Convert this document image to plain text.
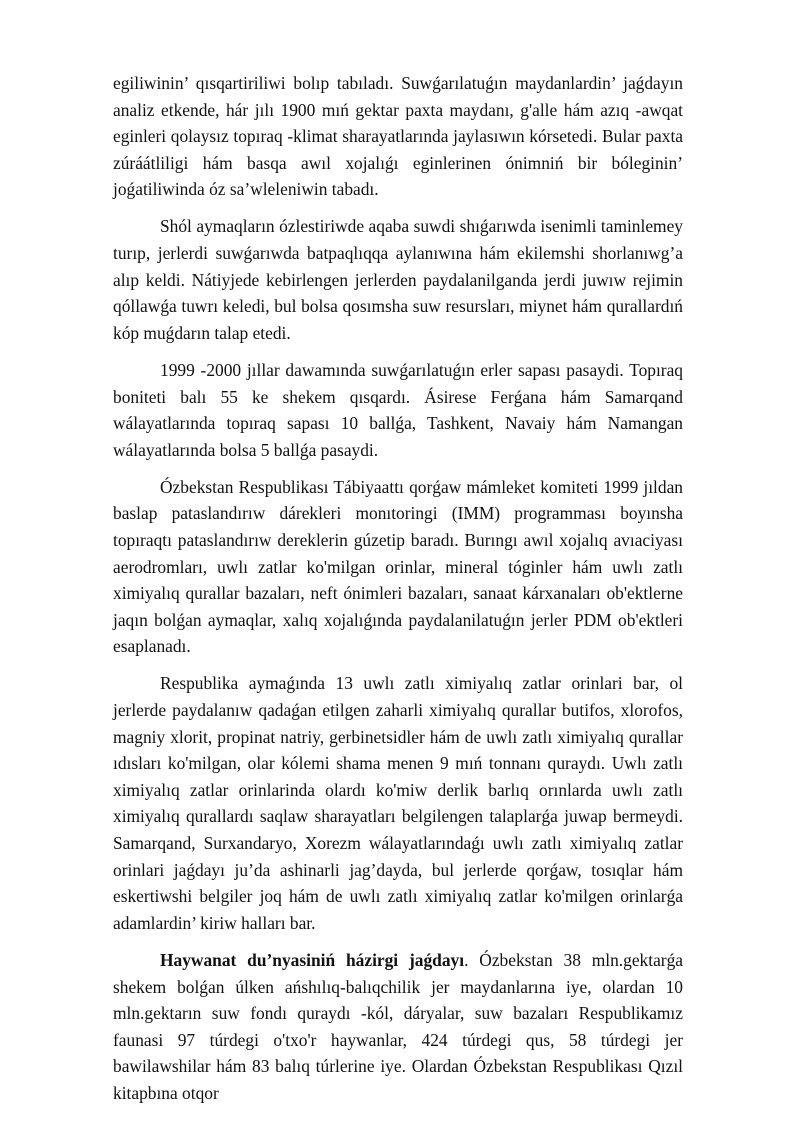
egiliwinin’ qısqartiriliwi bolıp tabıladı. Suwǵarılatuǵın maydanlardin’ jaǵdayın analiz etkende, hár jılı 1900 mıń gektar paxta maydanı, g'alle hám azıq -awqat eginleri qolaysız topıraq -klimat sharayatlarında jaylasıwın kórsetedi. Bular paxta zúráátliligi hám basqa awıl xojalıǵı eginlerinen ónimniń bir bóleginin’ joǵatiliwinda óz sa’wleleniwin tabadı.

Shól aymaqların ózlestiriwde aqaba suwdi shıǵarıwda isenimli taminlemey turıp, jerlerdi suwǵarıwda batpaqlıqqa aylanıwına hám ekilemshi shorlanıwg’a alıp keldi. Nátiyjede kebirlengen jerlerden paydalanilganda jerdi juwıw rejimin qóllawǵa tuwrı keledi, bul bolsa qosımsha suw resursları, miynet hám qurallardıń kóp muǵdarın talap etedi.

1999 -2000 jıllar dawamında suwǵarılatuǵın erler sapası pasaydi. Topıraq boniteti balı 55 ke shekem qısqardı. Ásirese Ferǵana hám Samarqand wálayatlarında topıraq sapası 10 ballǵa, Tashkent, Navaiy hám Namangan wálayatlarında bolsa 5 ballǵa pasaydi.

Ózbekstan Respublikası Tábiyaattı qorǵaw mámleket komiteti 1999 jıldan baslap pataslandırıw dárekleri monıtoringi (IMM) programması boyınsha topıraqtı pataslandırıw dereklerin gúzetip baradı. Burıngı awıl xojalıq avıaciyası aerodromları, uwlı zatlar ko'milgan orinlar, mineral tóginler hám uwlı zatlı ximiyalıq qurallar bazaları, neft ónimleri bazaları, sanaat kárxanaları ob'ektlerne jaqın bolǵan aymaqlar, xalıq xojalıǵında paydalanilatuǵın jerler PDM ob'ektleri esaplanadı.

Respublika aymaǵında 13 uwlı zatlı ximiyalıq zatlar orinlari bar, ol jerlerde paydalanıw qadaǵan etilgen zaharli ximiyalıq qurallar butifos, xlorofos, magniy xlorit, propinat natriy, gerbinetsidler hám de uwlı zatlı ximiyalıq qurallar ıdısları ko'milgan, olar kólemi shama menen 9 mıń tonnanı quraydı. Uwlı zatlı ximiyalıq zatlar orinlarinda olardı ko'miw derlik barlıq orınlarda uwlı zatlı ximiyalıq qurallardı saqlaw sharayatları belgilengen talaplarǵa juwap bermeydi. Samarqand, Surxandaryo, Xorezm wálayatlarındaǵı uwlı zatlı ximiyalıq zatlar orinlari jaǵdayı ju’da ashinarli jag’dayda, bul jerlerde qorǵaw, tosıqlar hám eskertiwshi belgiler joq hám de uwlı zatlı ximiyalıq zatlar ko'milgen orinlarǵa adamlardin’ kiriw halları bar.

Haywanat du’nyasiniń házirgi jaǵdayı. Ózbekstan 38 mln.gektarǵa shekem bolǵan úlken ańshılıq-balıqchilik jer maydanlarına iye, olardan 10 mln.gektarın suw fondı quraydı -kól, dáryalar, suw bazaları Respublikamız faunasi 97 túrdegi o'txo'r haywanlar, 424 túrdegi qus, 58 túrdegi jer bawilawshilar hám 83 balıq túrlerine iye. Olardan Ózbekstan Respublikası Qızıl kitapbına otqor
